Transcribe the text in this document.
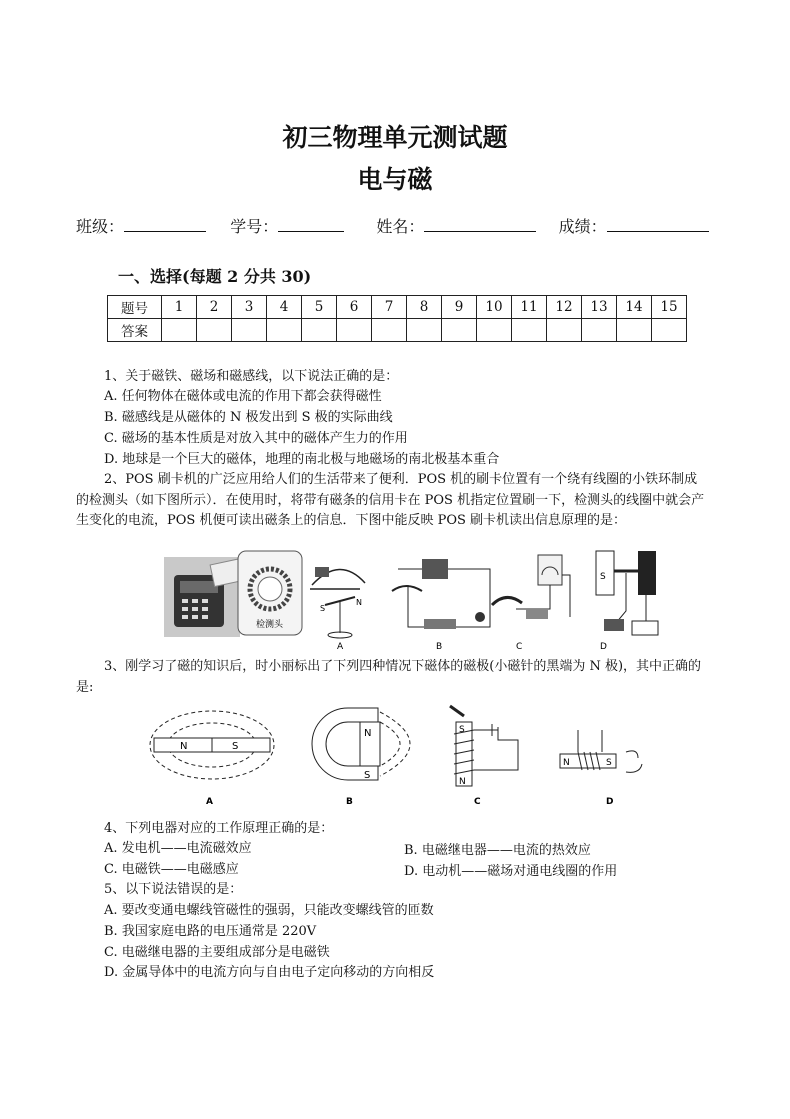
初三物理单元测试题
电与磁
班级：	学号：	姓名：	成绩：
一、选择(每题 2 分共 30)
题号	1	2	3	4	5	6	7	8	9	10	11	12	13	14	15
答案															
1、关于磁铁、磁场和磁感线，以下说法正确的是：
A. 任何物体在磁体或电流的作用下都会获得磁性
B. 磁感线是从磁体的 N 极发出到 S 极的实际曲线
C. 磁场的基本性质是对放入其中的磁体产生力的作用
D. 地球是一个巨大的磁体，地理的南北极与地磁场的南北极基本重合
2、POS 刷卡机的广泛应用给人们的生活带来了便利．POS 机的刷卡位置有一个绕有线圈的小铁环制成的检测头（如下图所示）．在使用时，将带有磁条的信用卡在 POS 机指定位置刷一下，检测头的线圈中就会产生变化的电流，POS 机便可读出磁条上的信息．下图中能反映 POS 刷卡机读出信息原理的是：
检测头
S
N
A	B	C
S
D
3、刚学习了磁的知识后，时小丽标出了下列四种情况下磁体的磁极(小磁针的黑端为 N 极)，其中正确的是:
N	S
A
N
S
B
S
N
C
N	S
D
4、下列电器对应的工作原理正确的是：
A. 发电机——电流磁效应	B. 电磁继电器——电流的热效应
C. 电磁铁——电磁感应	D. 电动机——磁场对通电线圈的作用
5、以下说法错误的是：
A. 要改变通电螺线管磁性的强弱，只能改变螺线管的匝数
B. 我国家庭电路的电压通常是 220V
C. 电磁继电器的主要组成部分是电磁铁
D. 金属导体中的电流方向与自由电子定向移动的方向相反
